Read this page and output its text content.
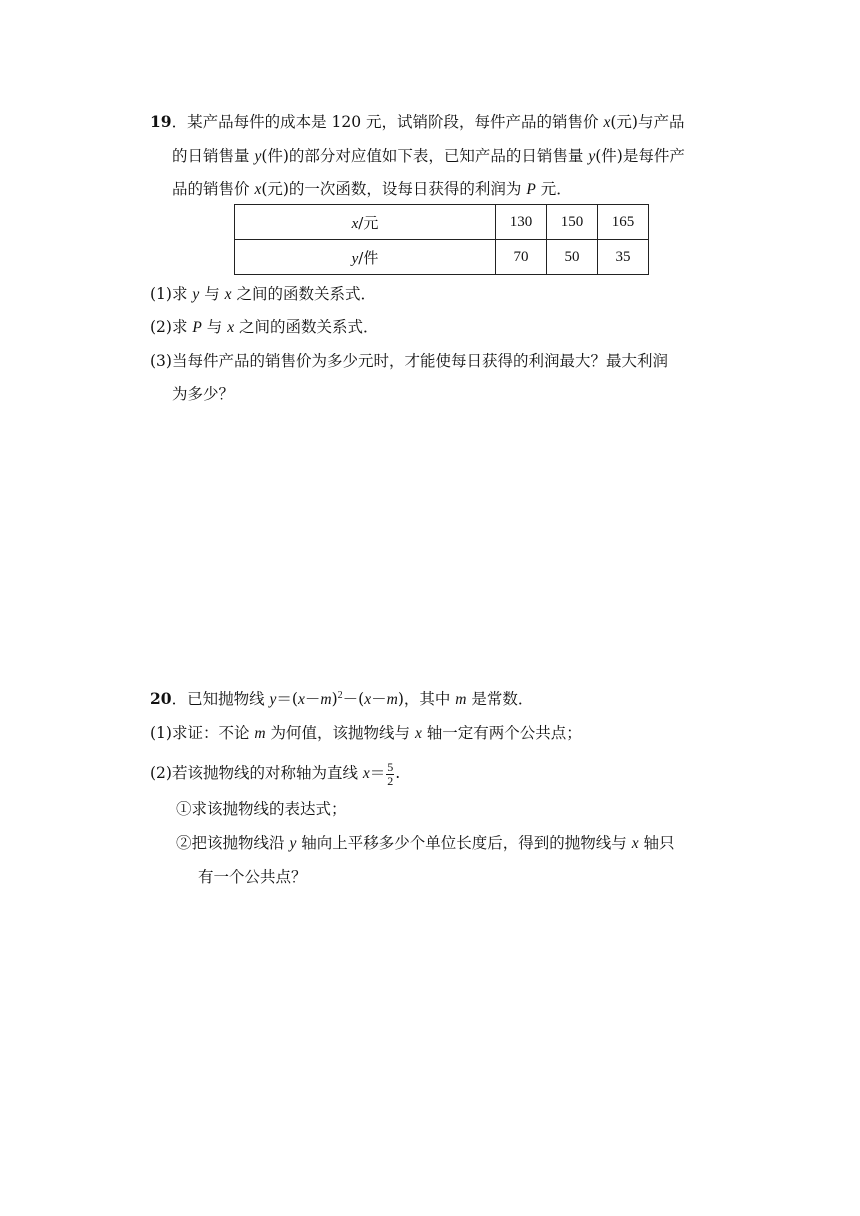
19．某产品每件的成本是 120 元，试销阶段，每件产品的销售价 x(元)与产品
的日销售量 y(件)的部分对应值如下表，已知产品的日销售量 y(件)是每件产
品的销售价 x(元)的一次函数，设每日获得的利润为 P 元．
x/元	130	150	165
y/件	70	50	35
(1)求 y 与 x 之间的函数关系式．
(2)求 P 与 x 之间的函数关系式．
(3)当每件产品的销售价为多少元时，才能使每日获得的利润最大？最大利润
为多少？
20．已知抛物线 $y=(x-m)^2-(x-m)$，其中 m 是常数．
(1)求证：不论 m 为何值，该抛物线与 x 轴一定有两个公共点；
(2)若该抛物线的对称轴为直线 $x= \frac{5}{2}$ .
①求该抛物线的表达式；
②把该抛物线沿 y 轴向上平移多少个单位长度后，得到的抛物线与 x 轴只
有一个公共点？
